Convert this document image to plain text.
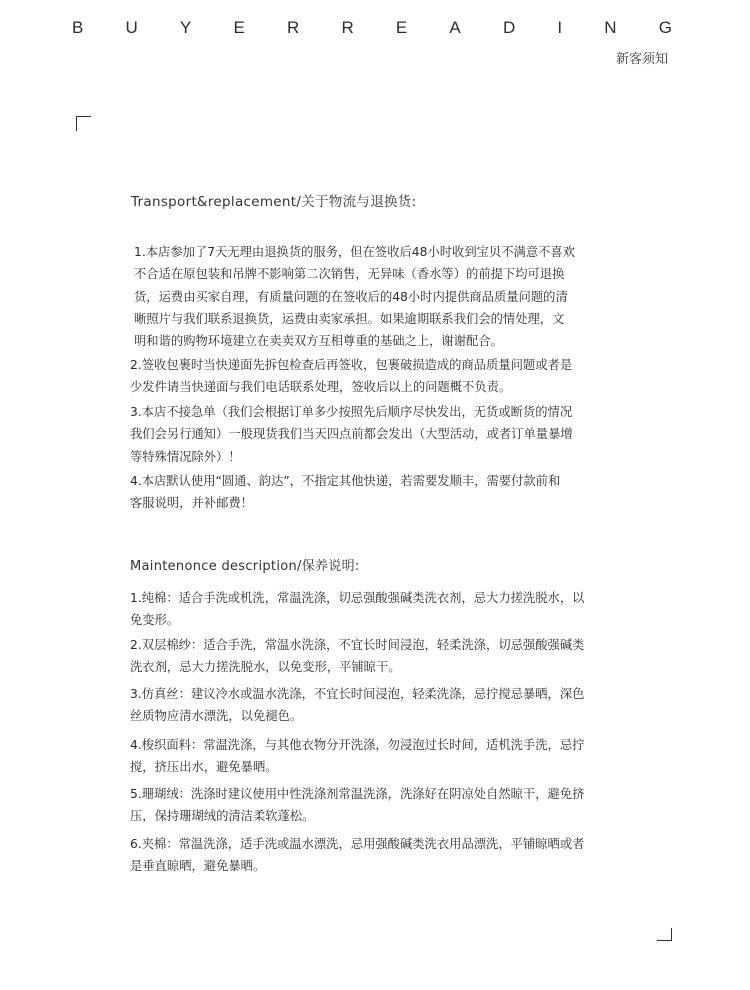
B U Y E R R E A D I N G
新客须知
Transport&replacement/关于物流与退换货:

1.本店参加了7天无理由退换货的服务，但在签收后48小时收到宝贝不满意不喜欢
不合适在原包装和吊牌不影响第二次销售，无异味（香水等）的前提下均可退换
货，运费由买家自理，有质量问题的在签收后的48小时内提供商品质量问题的清
晰照片与我们联系退换货，运费由卖家承担。如果逾期联系我们会的情处理，文
明和谐的购物环境建立在卖卖双方互相尊重的基础之上，谢谢配合。

2.签收包裹时当快递面先拆包检查后再签收，包裹破损造成的商品质量问题或者是
少发件请当快递面与我们电话联系处理，签收后以上的问题概不负责。

3.本店不接急单（我们会根据订单多少按照先后顺序尽快发出，无货或断货的情况
我们会另行通知）一般现货我们当天四点前都会发出（大型活动，或者订单量暴增
等特殊情况除外）！

4.本店默认使用“圆通、韵达”，不指定其他快递，若需要发顺丰，需要付款前和
客服说明，并补邮费！

Maintenonce description/保养说明:

1.纯棉：适合手洗或机洗，常温洗涤，切忌强酸强碱类洗衣剂，忌大力搓洗脱水，以
免变形。

2.双层棉纱：适合手洗，常温水洗涤，不宜长时间浸泡，轻柔洗涤，切忌强酸强碱类
洗衣剂，忌大力搓洗脱水，以免变形，平铺晾干。

3.仿真丝：建议冷水或温水洗涤，不宜长时间浸泡，轻柔洗涤，忌拧搅忌暴晒，深色
丝质物应清水漂洗，以免褪色。

4.梭织面料：常温洗涤，与其他衣物分开洗涤，勿浸泡过长时间，适机洗手洗，忌拧
搅，挤压出水，避免暴晒。

5.珊瑚绒：洗涤时建议使用中性洗涤剂常温洗涤，洗涤好在阴凉处自然晾干，避免挤
压，保持珊瑚绒的清洁柔软蓬松。

6.夹棉：常温洗涤，适手洗或温水漂洗，忌用强酸碱类洗衣用品漂洗，平铺晾晒或者
是垂直晾晒，避免暴晒。
